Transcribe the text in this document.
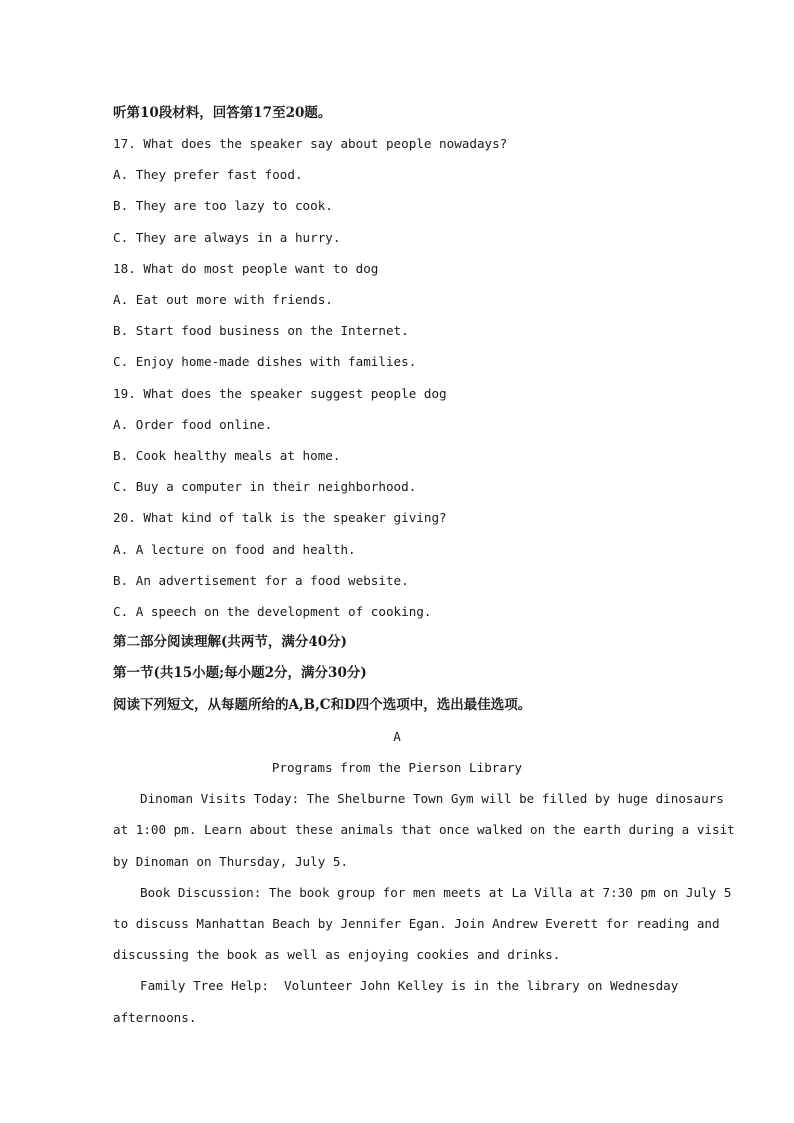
听第10段材料，回答第17至20题。
17. What does the speaker say about people nowadays?
A. They prefer fast food.
B. They are too lazy to cook.
C. They are always in a hurry.
18. What do most people want to dog
A. Eat out more with friends.
B. Start food business on the Internet.
C. Enjoy home-made dishes with families.
19. What does the speaker suggest people dog
A. Order food online.
B. Cook healthy meals at home.
C. Buy a computer in their neighborhood.
20. What kind of talk is the speaker giving?
A. A lecture on food and health.
B. An advertisement for a food website.
C. A speech on the development of cooking.
第二部分阅读理解(共两节，满分40分)
第一节(共15小题;每小题2分，满分30分)
阅读下列短文，从每题所给的A,B,C和D四个选项中，选出最佳选项。
A
Programs from the Pierson Library
Dinoman Visits Today: The Shelburne Town Gym will be filled by huge dinosaurs
at 1:00 pm. Learn about these animals that once walked on the earth during a visit
by Dinoman on Thursday, July 5.
Book Discussion: The book group for men meets at La Villa at 7:30 pm on July 5
to discuss Manhattan Beach by Jennifer Egan. Join Andrew Everett for reading and
discussing the book as well as enjoying cookies and drinks.
Family Tree Help:  Volunteer John Kelley is in the library on Wednesday
afternoons.
